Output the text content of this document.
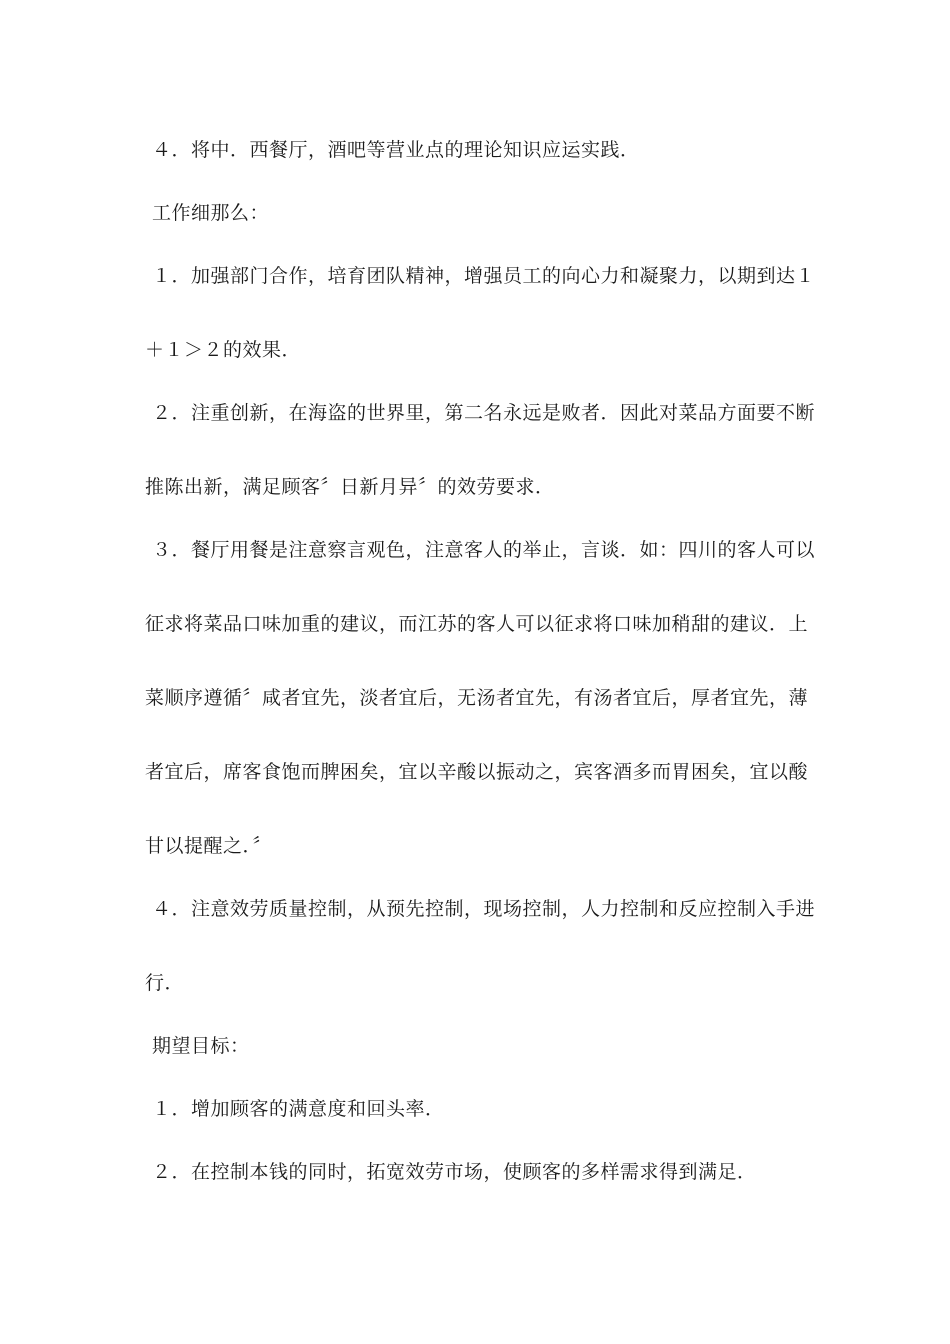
４．将中．西餐厅，酒吧等营业点的理论知识应运实践．
工作细那么：
１．加强部门合作，培育团队精神，增强员工的向心力和凝聚力，以期到达１
＋１＞２的效果．
２．注重创新，在海盗的世界里，第二名永远是败者．因此对菜品方面要不断
推陈出新，满足顾客〞日新月异〞的效劳要求．
３．餐厅用餐是注意察言观色，注意客人的举止，言谈．如：四川的客人可以
征求将菜品口味加重的建议，而江苏的客人可以征求将口味加稍甜的建议．上
菜顺序遵循〞咸者宜先，淡者宜后，无汤者宜先，有汤者宜后，厚者宜先，薄
者宜后，席客食饱而脾困矣，宜以辛酸以振动之，宾客酒多而胃困矣，宜以酸
甘以提醒之．〞
４．注意效劳质量控制，从预先控制，现场控制，人力控制和反应控制入手进
行．
期望目标：
１．增加顾客的满意度和回头率．
２．在控制本钱的同时，拓宽效劳市场，使顾客的多样需求得到满足．
